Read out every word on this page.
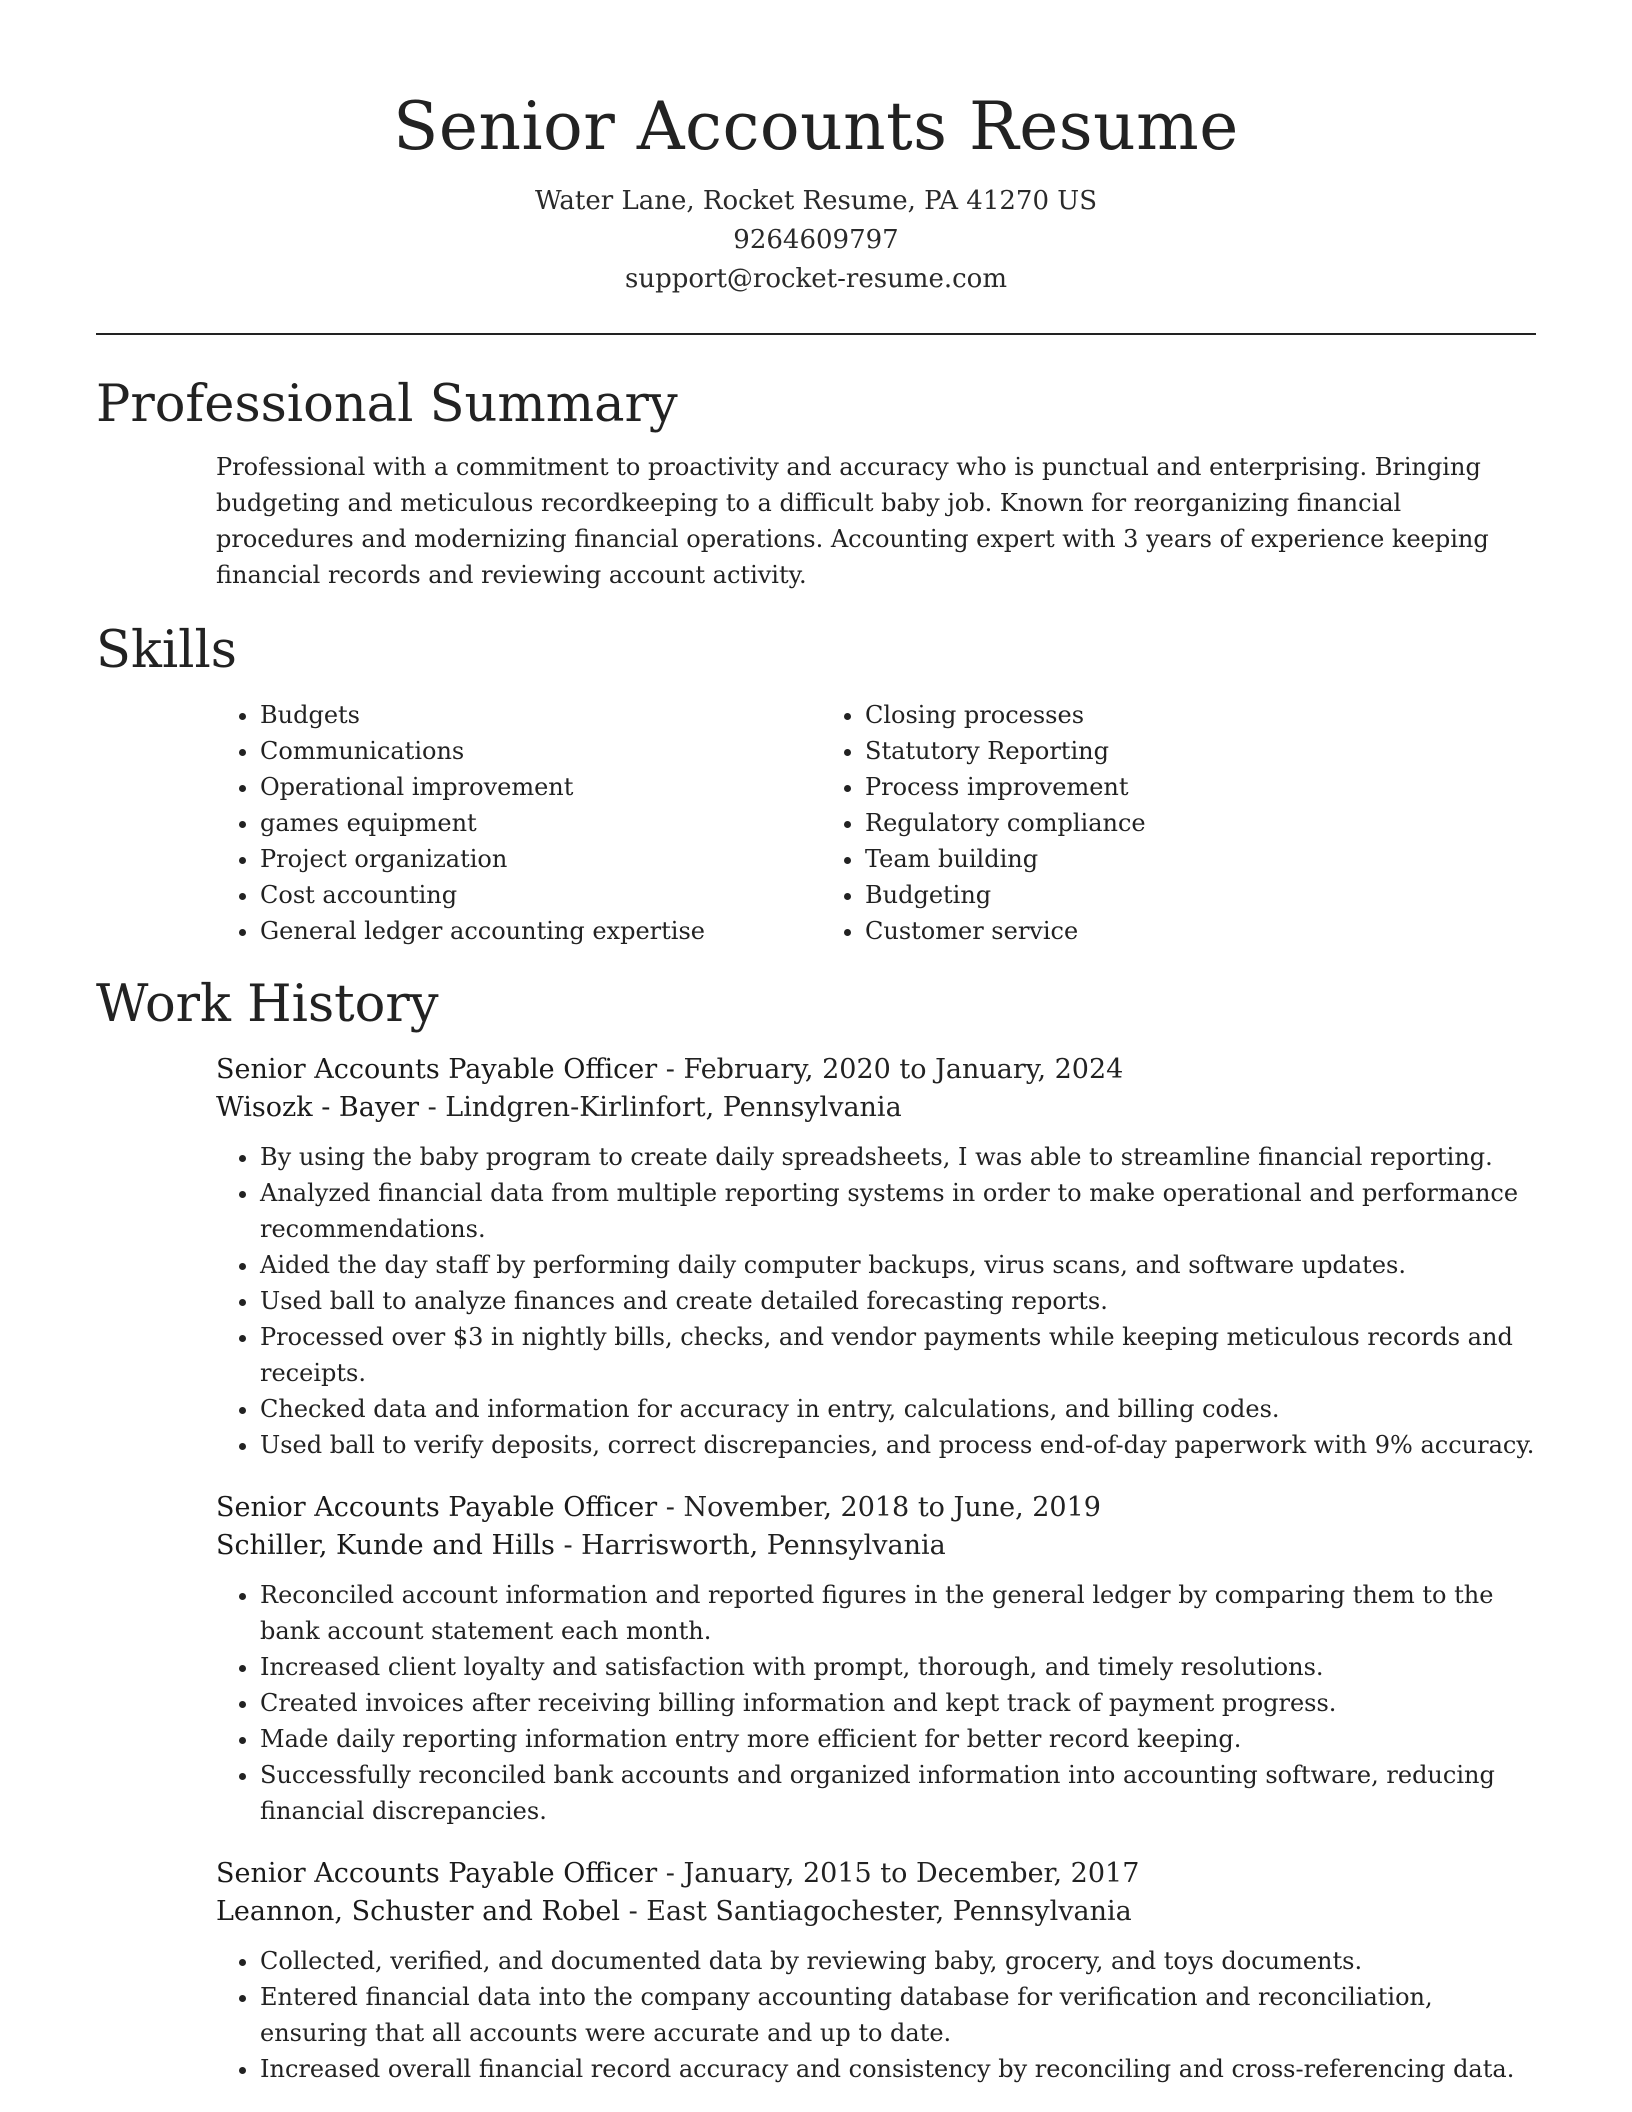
Senior Accounts Resume
Water Lane, Rocket Resume, PA 41270 US
9264609797
support@rocket-resume.com
Professional Summary
Professional with a commitment to proactivity and accuracy who is punctual and enterprising. Bringing budgeting and meticulous recordkeeping to a difficult baby job. Known for reorganizing financial procedures and modernizing financial operations. Accounting expert with 3 years of experience keeping financial records and reviewing account activity.
Skills
• Budgets
• Communications
• Operational improvement
• games equipment
• Project organization
• Cost accounting
• General ledger accounting expertise
• Closing processes
• Statutory Reporting
• Process improvement
• Regulatory compliance
• Team building
• Budgeting
• Customer service
Work History
Senior Accounts Payable Officer - February, 2020 to January, 2024
Wisozk - Bayer - Lindgren-Kirlinfort, Pennsylvania
• By using the baby program to create daily spreadsheets, I was able to streamline financial reporting.
• Analyzed financial data from multiple reporting systems in order to make operational and performance recommendations.
• Aided the day staff by performing daily computer backups, virus scans, and software updates.
• Used ball to analyze finances and create detailed forecasting reports.
• Processed over $3 in nightly bills, checks, and vendor payments while keeping meticulous records and receipts.
• Checked data and information for accuracy in entry, calculations, and billing codes.
• Used ball to verify deposits, correct discrepancies, and process end-of-day paperwork with 9% accuracy.
Senior Accounts Payable Officer - November, 2018 to June, 2019
Schiller, Kunde and Hills - Harrisworth, Pennsylvania
• Reconciled account information and reported figures in the general ledger by comparing them to the bank account statement each month.
• Increased client loyalty and satisfaction with prompt, thorough, and timely resolutions.
• Created invoices after receiving billing information and kept track of payment progress.
• Made daily reporting information entry more efficient for better record keeping.
• Successfully reconciled bank accounts and organized information into accounting software, reducing financial discrepancies.
Senior Accounts Payable Officer - January, 2015 to December, 2017
Leannon, Schuster and Robel - East Santiagochester, Pennsylvania
• Collected, verified, and documented data by reviewing baby, grocery, and toys documents.
• Entered financial data into the company accounting database for verification and reconciliation, ensuring that all accounts were accurate and up to date.
• Increased overall financial record accuracy and consistency by reconciling and cross-referencing data.
